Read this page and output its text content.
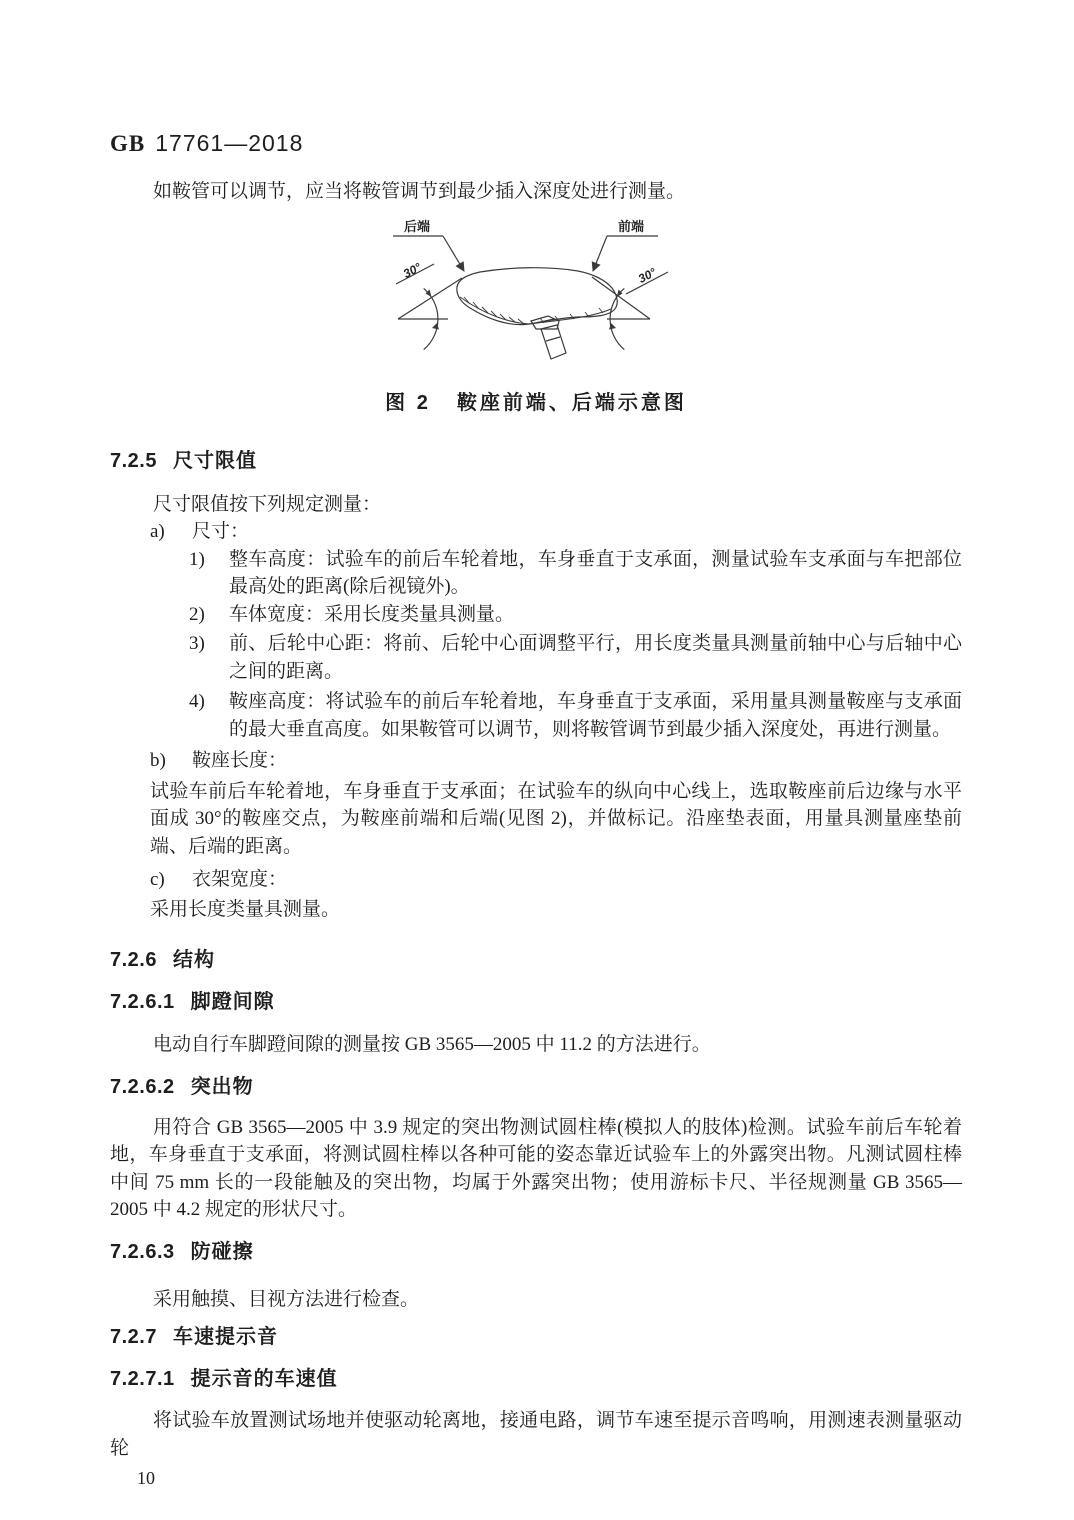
GB 17761—2018
如鞍管可以调节，应当将鞍管调节到最少插入深度处进行测量。
后端	前端
30°	30°
图 2 鞍座前端、后端示意图
7.2.5 尺寸限值
尺寸限值按下列规定测量：
a)	尺寸：
1)	整车高度：试验车的前后车轮着地，车身垂直于支承面，测量试验车支承面与车把部位最高处的距离(除后视镜外)。
2)	车体宽度：采用长度类量具测量。
3)	前、后轮中心距：将前、后轮中心面调整平行，用长度类量具测量前轴中心与后轴中心之间的距离。
4)	鞍座高度：将试验车的前后车轮着地，车身垂直于支承面，采用量具测量鞍座与支承面的最大垂直高度。如果鞍管可以调节，则将鞍管调节到最少插入深度处，再进行测量。
b)	鞍座长度：
试验车前后车轮着地，车身垂直于支承面；在试验车的纵向中心线上，选取鞍座前后边缘与水平面成 30°的鞍座交点，为鞍座前端和后端(见图 2)，并做标记。沿座垫表面，用量具测量座垫前端、后端的距离。
c)	衣架宽度：
采用长度类量具测量。
7.2.6 结构
7.2.6.1 脚蹬间隙
电动自行车脚蹬间隙的测量按 GB 3565—2005 中 11.2 的方法进行。
7.2.6.2 突出物
用符合 GB 3565—2005 中 3.9 规定的突出物测试圆柱棒(模拟人的肢体)检测。试验车前后车轮着地，车身垂直于支承面，将测试圆柱棒以各种可能的姿态靠近试验车上的外露突出物。凡测试圆柱棒中间 75 mm 长的一段能触及的突出物，均属于外露突出物；使用游标卡尺、半径规测量 GB 3565—2005 中 4.2 规定的形状尺寸。
7.2.6.3 防碰擦
采用触摸、目视方法进行检查。
7.2.7 车速提示音
7.2.7.1 提示音的车速值
将试验车放置测试场地并使驱动轮离地，接通电路，调节车速至提示音鸣响，用测速表测量驱动轮
10
